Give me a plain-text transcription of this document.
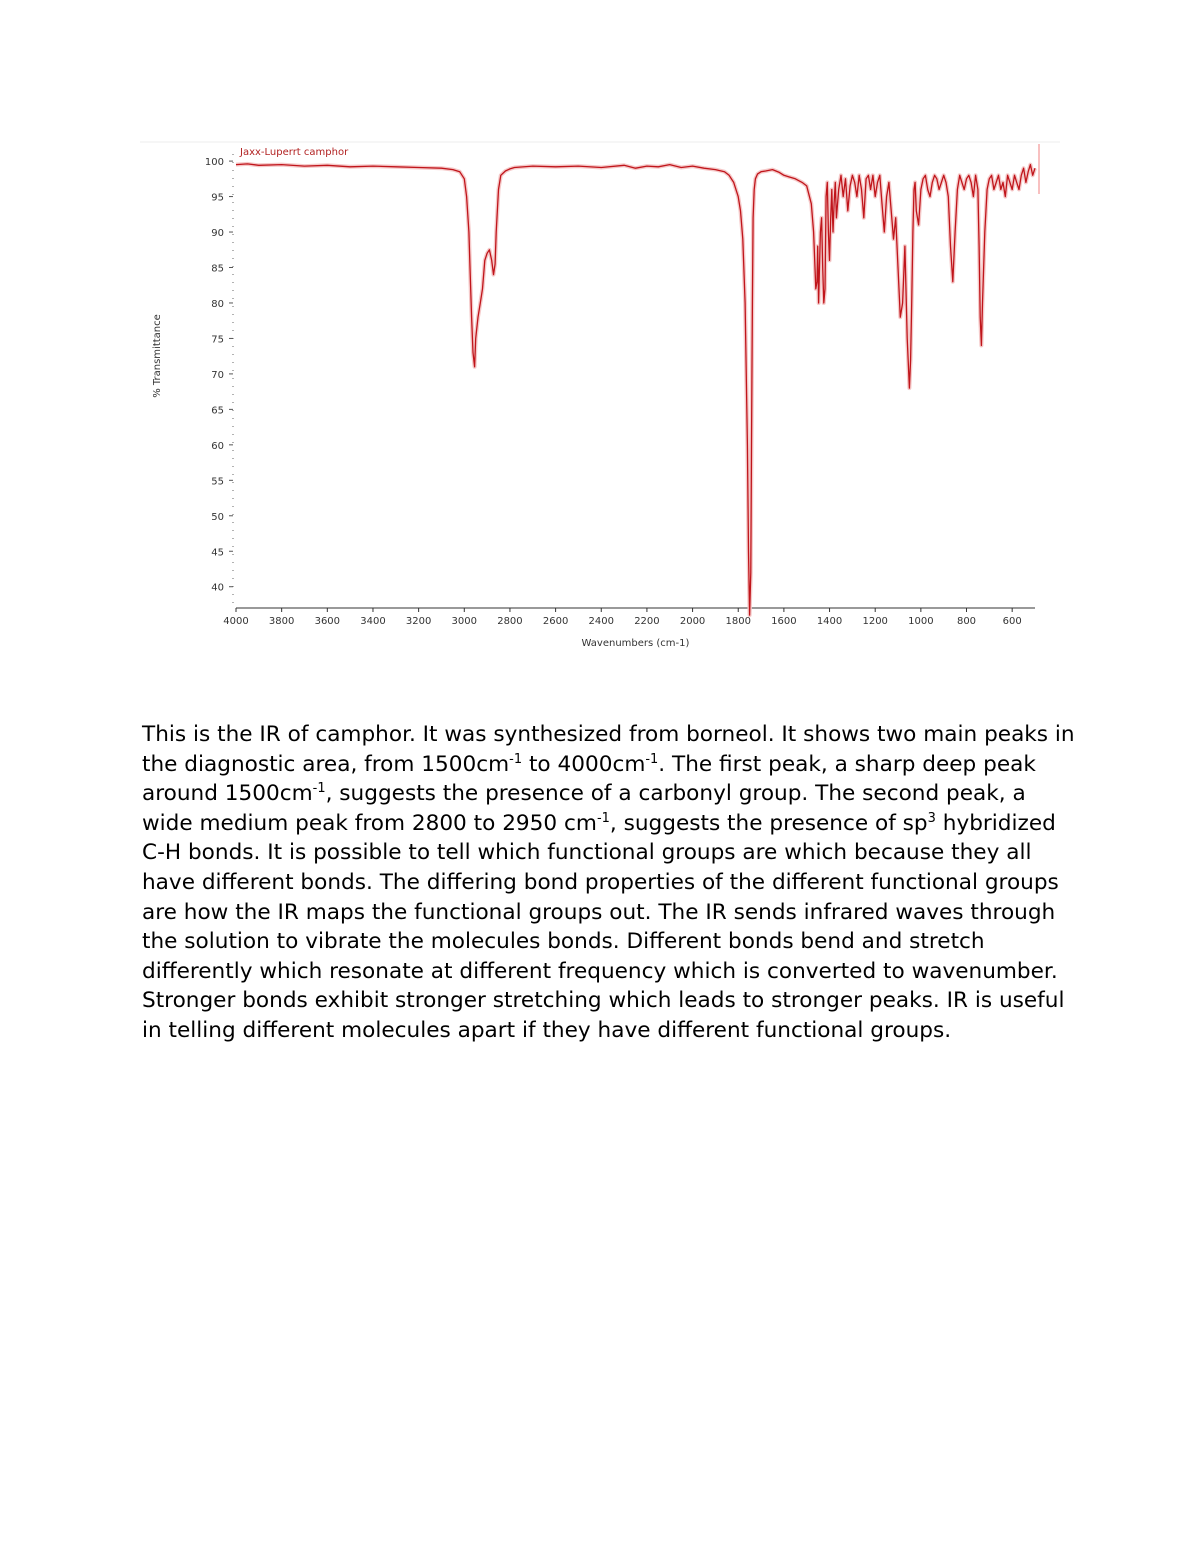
100
95
90
85
80
75
70
65
60
55
50
45
40
4000 3800 3600 3400 3200 3000 2800 2600 2400 2200 2000 1800 1600 1400 1200 1000 800	600
Wavenumbers (cm-1)
% Transmittance
Jaxx-Luperrt camphor

This is the IR of camphor. It was synthesized from borneol. It shows two main peaks in the diagnostic area, from $1500cm^{-1}$ to $4000cm^{-1}$. The first peak, a sharp deep peak around $1500cm^{-1}$, suggests the presence of a carbonyl group. The second peak, a wide medium peak from 2800 to 2950 $cm^{-1}$, suggests the presence of $sp^3$ hybridized C-H bonds. It is possible to tell which functional groups are which because they all have different bonds. The differing bond properties of the different functional groups are how the IR maps the functional groups out. The IR sends infrared waves through the solution to vibrate the molecules bonds. Different bonds bend and stretch differently which resonate at different frequency which is converted to wavenumber. Stronger bonds exhibit stronger stretching which leads to stronger peaks. IR is useful in telling different molecules apart if they have different functional groups.
